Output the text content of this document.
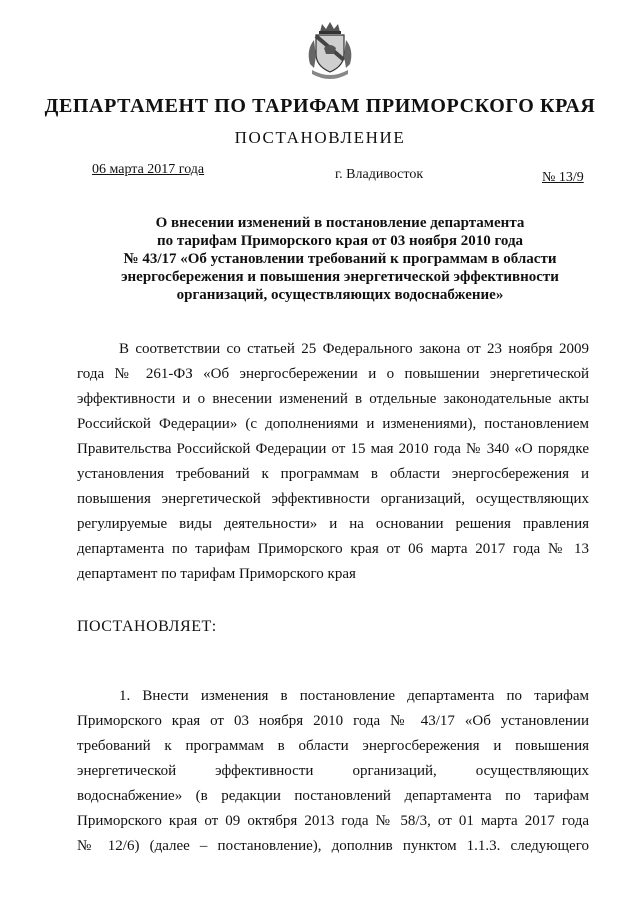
ДЕПАРТАМЕНТ ПО ТАРИФАМ ПРИМОРСКОГО КРАЯ
ПОСТАНОВЛЕНИЕ
06 марта 2017 года	г. Владивосток	№ 13/9
О внесении изменений в постановление департамента
по тарифам Приморского края от 03 ноября 2010 года
№ 43/17 «Об установлении требований к программам в области
энергосбережения и повышения энергетической эффективности
организаций, осуществляющих водоснабжение»
В соответствии со статьей 25 Федерального закона от 23 ноября 2009
года № 261-ФЗ «Об энергосбережении и о повышении энергетической
эффективности и о внесении изменений в отдельные законодательные акты
Российской Федерации» (с дополнениями и изменениями), постановлением
Правительства Российской Федерации от 15 мая 2010 года № 340 «О порядке
установления требований к программам в области энергосбережения и
повышения энергетической эффективности организаций, осуществляющих
регулируемые виды деятельности» и на основании решения правления
департамента по тарифам Приморского края от 06 марта 2017 года № 13
департамент по тарифам Приморского края
ПОСТАНОВЛЯЕТ:
1. Внести изменения в постановление департамента по тарифам
Приморского края от 03 ноября 2010 года № 43/17 «Об установлении
требований к программам в области энергосбережения и повышения
энергетической эффективности организаций, осуществляющих
водоснабжение» (в редакции постановлений департамента по тарифам
Приморского края от 09 октября 2013 года № 58/3, от 01 марта 2017 года
№ 12/6) (далее – постановление), дополнив пунктом 1.1.3. следующего
